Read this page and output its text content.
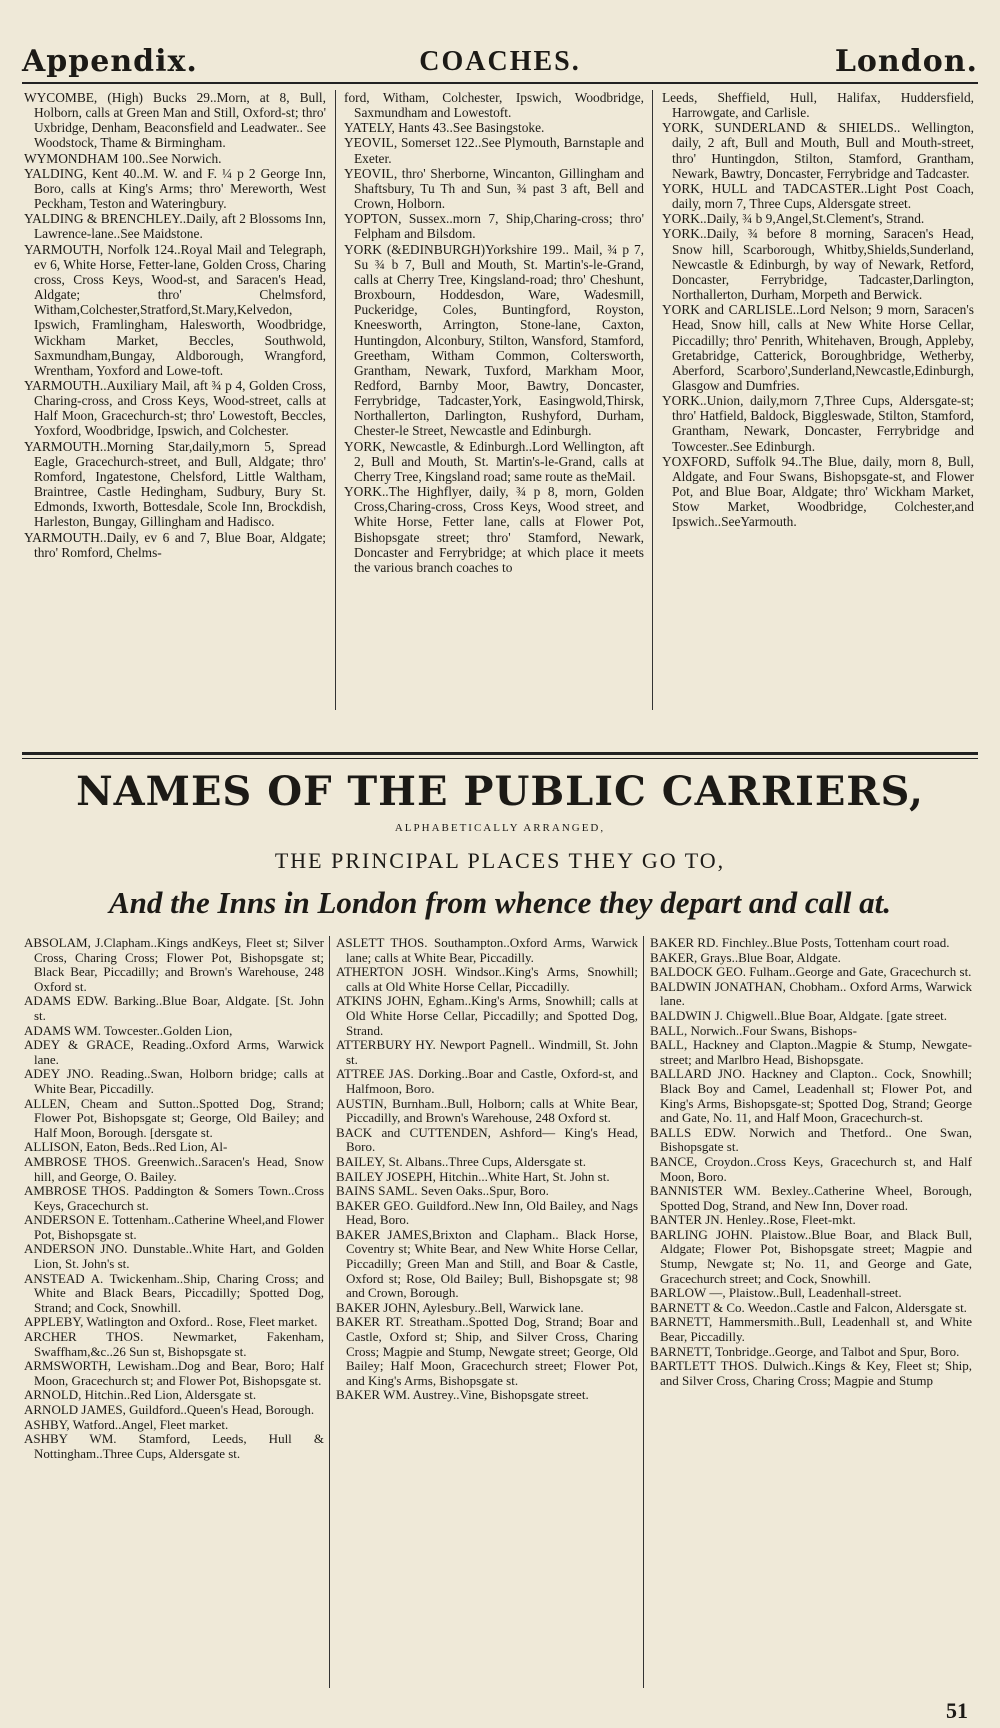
Appendix.	COACHES.	London.

WYCOMBE, (High) Bucks 29..Morn, at 8, Bull, Holborn, calls at Green Man and Still, Oxford-st; thro' Uxbridge, Denham, Beaconsfield and Leadwater.. See Woodstock, Thame & Birmingham.

WYMONDHAM 100..See Norwich.

YALDING, Kent 40..M. W. and F. ¼ p 2 George Inn, Boro, calls at King's Arms; thro' Mereworth, West Peckham, Teston and Wateringbury.

YALDING & BRENCHLEY..Daily, aft 2 Blossoms Inn, Lawrence-lane..See Maidstone.

YARMOUTH, Norfolk 124..Royal Mail and Telegraph, ev 6, White Horse, Fetter-lane, Golden Cross, Charing cross, Cross Keys, Wood-st, and Saracen's Head, Aldgate; thro' Chelmsford, Witham,Colchester,Stratford,St.Mary,Kelvedon, Ipswich, Framlingham, Halesworth, Woodbridge, Wickham Market, Beccles, Southwold, Saxmundham,Bungay, Aldborough, Wrangford, Wrentham, Yoxford and Lowe-toft.

YARMOUTH..Auxiliary Mail, aft ¾ p 4, Golden Cross, Charing-cross, and Cross Keys, Wood-street, calls at Half Moon, Gracechurch-st; thro' Lowestoft, Beccles, Yoxford, Woodbridge, Ipswich, and Colchester.

YARMOUTH..Morning Star,daily,morn 5, Spread Eagle, Gracechurch-street, and Bull, Aldgate; thro' Romford, Ingatestone, Chelsford, Little Waltham, Braintree, Castle Hedingham, Sudbury, Bury St. Edmonds, Ixworth, Bottesdale, Scole Inn, Brockdish, Harleston, Bungay, Gillingham and Hadisco.

YARMOUTH..Daily, ev 6 and 7, Blue Boar, Aldgate; thro' Romford, Chelms-

ford, Witham, Colchester, Ipswich, Woodbridge, Saxmundham and Lowestoft.

YATELY, Hants 43..See Basingstoke.

YEOVIL, Somerset 122..See Plymouth, Barnstaple and Exeter.

YEOVIL, thro' Sherborne, Wincanton, Gillingham and Shaftsbury, Tu Th and Sun, ¾ past 3 aft, Bell and Crown, Holborn.

YOPTON, Sussex..morn 7, Ship,Charing-cross; thro' Felpham and Bilsdom.

YORK (&EDINBURGH)Yorkshire 199.. Mail, ¾ p 7, Su ¾ b 7, Bull and Mouth, St. Martin's-le-Grand, calls at Cherry Tree, Kingsland-road; thro' Cheshunt, Broxbourn, Hoddesdon, Ware, Wadesmill, Puckeridge, Coles, Buntingford, Royston, Kneesworth, Arrington, Stone-lane, Caxton, Huntingdon, Alconbury, Stilton, Wansford, Stamford, Greetham, Witham Common, Coltersworth, Grantham, Newark, Tuxford, Markham Moor, Redford, Barnby Moor, Bawtry, Doncaster, Ferrybridge, Tadcaster,York, Easingwold,Thirsk, Northallerton, Darlington, Rushyford, Durham, Chester-le Street, Newcastle and Edinburgh.

YORK, Newcastle, & Edinburgh..Lord Wellington, aft 2, Bull and Mouth, St. Martin's-le-Grand, calls at Cherry Tree, Kingsland road; same route as theMail.

YORK..The Highflyer, daily, ¾ p 8, morn, Golden Cross,Charing-cross, Cross Keys, Wood street, and White Horse, Fetter lane, calls at Flower Pot, Bishopsgate street; thro' Stamford, Newark, Doncaster and Ferrybridge; at which place it meets the various branch coaches to

Leeds, Sheffield, Hull, Halifax, Huddersfield, Harrowgate, and Carlisle.

YORK, SUNDERLAND & SHIELDS.. Wellington, daily, 2 aft, Bull and Mouth, Bull and Mouth-street, thro' Huntingdon, Stilton, Stamford, Grantham, Newark, Bawtry, Doncaster, Ferrybridge and Tadcaster.

YORK, HULL and TADCASTER..Light Post Coach, daily, morn 7, Three Cups, Aldersgate street.

YORK..Daily, ¾ b 9,Angel,St.Clement's, Strand.

YORK..Daily, ¾ before 8 morning, Saracen's Head, Snow hill, Scarborough, Whitby,Shields,Sunderland, Newcastle & Edinburgh, by way of Newark, Retford, Doncaster, Ferrybridge, Tadcaster,Darlington, Northallerton, Durham, Morpeth and Berwick.

YORK and CARLISLE..Lord Nelson; 9 morn, Saracen's Head, Snow hill, calls at New White Horse Cellar, Piccadilly; thro' Penrith, Whitehaven, Brough, Appleby, Gretabridge, Catterick, Boroughbridge, Wetherby, Aberford, Scarboro',Sunderland,Newcastle,Edinburgh, Glasgow and Dumfries.

YORK..Union, daily,morn 7,Three Cups, Aldersgate-st; thro' Hatfield, Baldock, Biggleswade, Stilton, Stamford, Grantham, Newark, Doncaster, Ferrybridge and Towcester..See Edinburgh.

YOXFORD, Suffolk 94..The Blue, daily, morn 8, Bull, Aldgate, and Four Swans, Bishopsgate-st, and Flower Pot, and Blue Boar, Aldgate; thro' Wickham Market, Stow Market, Woodbridge, Colchester,and Ipswich..SeeYarmouth.

NAMES OF THE PUBLIC CARRIERS,
ALPHABETICALLY ARRANGED,
THE PRINCIPAL PLACES THEY GO TO,
And the Inns in London from whence they depart and call at.

ABSOLAM, J.Clapham..Kings andKeys, Fleet st; Silver Cross, Charing Cross; Flower Pot, Bishopsgate st; Black Bear, Piccadilly; and Brown's Warehouse, 248 Oxford st.

ADAMS EDW. Barking..Blue Boar, Aldgate. [St. John st.

ADAMS WM. Towcester..Golden Lion,

ADEY & GRACE, Reading..Oxford Arms, Warwick lane.

ADEY JNO. Reading..Swan, Holborn bridge; calls at White Bear, Piccadilly.

ALLEN, Cheam and Sutton..Spotted Dog, Strand; Flower Pot, Bishopsgate st; George, Old Bailey; and Half Moon, Borough. [dersgate st.

ALLISON, Eaton, Beds..Red Lion, Al-

AMBROSE THOS. Greenwich..Saracen's Head, Snow hill, and George, O. Bailey.

AMBROSE THOS. Paddington & Somers Town..Cross Keys, Gracechurch st.

ANDERSON E. Tottenham..Catherine Wheel,and Flower Pot, Bishopsgate st.

ANDERSON JNO. Dunstable..White Hart, and Golden Lion, St. John's st.

ANSTEAD A. Twickenham..Ship, Charing Cross; and White and Black Bears, Piccadilly; Spotted Dog, Strand; and Cock, Snowhill.

APPLEBY, Watlington and Oxford.. Rose, Fleet market.

ARCHER THOS. Newmarket, Fakenham, Swaffham,&c..26 Sun st, Bishopsgate st.

ARMSWORTH, Lewisham..Dog and Bear, Boro; Half Moon, Gracechurch st; and Flower Pot, Bishopsgate st.

ARNOLD, Hitchin..Red Lion, Aldersgate st.

ARNOLD JAMES, Guildford..Queen's Head, Borough.

ASHBY, Watford..Angel, Fleet market.

ASHBY WM. Stamford, Leeds, Hull & Nottingham..Three Cups, Aldersgate st.

ASLETT THOS. Southampton..Oxford Arms, Warwick lane; calls at White Bear, Piccadilly.

ATHERTON JOSH. Windsor..King's Arms, Snowhill; calls at Old White Horse Cellar, Piccadilly.

ATKINS JOHN, Egham..King's Arms, Snowhill; calls at Old White Horse Cellar, Piccadilly; and Spotted Dog, Strand.

ATTERBURY HY. Newport Pagnell.. Windmill, St. John st.

ATTREE JAS. Dorking..Boar and Castle, Oxford-st, and Halfmoon, Boro.

AUSTIN, Burnham..Bull, Holborn; calls at White Bear, Piccadilly, and Brown's Warehouse, 248 Oxford st.

BACK and CUTTENDEN, Ashford— King's Head, Boro.

BAILEY, St. Albans..Three Cups, Aldersgate st.

BAILEY JOSEPH, Hitchin...White Hart, St. John st.

BAINS SAML. Seven Oaks..Spur, Boro.

BAKER GEO. Guildford..New Inn, Old Bailey, and Nags Head, Boro.

BAKER JAMES,Brixton and Clapham.. Black Horse, Coventry st; White Bear, and New White Horse Cellar, Piccadilly; Green Man and Still, and Boar & Castle, Oxford st; Rose, Old Bailey; Bull, Bishopsgate st; 98 and Crown, Borough.

BAKER JOHN, Aylesbury..Bell, Warwick lane.

BAKER RT. Streatham..Spotted Dog, Strand; Boar and Castle, Oxford st; Ship, and Silver Cross, Charing Cross; Magpie and Stump, Newgate street; George, Old Bailey; Half Moon, Gracechurch street; Flower Pot, and King's Arms, Bishopsgate st.

BAKER WM. Austrey..Vine, Bishopsgate street.

BAKER RD. Finchley..Blue Posts, Tottenham court road.

BAKER, Grays..Blue Boar, Aldgate.

BALDOCK GEO. Fulham..George and Gate, Gracechurch st.

BALDWIN JONATHAN, Chobham.. Oxford Arms, Warwick lane.

BALDWIN J. Chigwell..Blue Boar, Aldgate. [gate street.

BALL, Norwich..Four Swans, Bishops-

BALL, Hackney and Clapton..Magpie & Stump, Newgate-street; and Marlbro Head, Bishopsgate.

BALLARD JNO. Hackney and Clapton.. Cock, Snowhill; Black Boy and Camel, Leadenhall st; Flower Pot, and King's Arms, Bishopsgate-st; Spotted Dog, Strand; George and Gate, No. 11, and Half Moon, Gracechurch-st.

BALLS EDW. Norwich and Thetford.. One Swan, Bishopsgate st.

BANCE, Croydon..Cross Keys, Gracechurch st, and Half Moon, Boro.

BANNISTER WM. Bexley..Catherine Wheel, Borough, Spotted Dog, Strand, and New Inn, Dover road.

BANTER JN. Henley..Rose, Fleet-mkt.

BARLING JOHN. Plaistow..Blue Boar, and Black Bull, Aldgate; Flower Pot, Bishopsgate street; Magpie and Stump, Newgate st; No. 11, and George and Gate, Gracechurch street; and Cock, Snowhill.

BARLOW —, Plaistow..Bull, Leadenhall-street.

BARNETT & Co. Weedon..Castle and Falcon, Aldersgate st.

BARNETT, Hammersmith..Bull, Leadenhall st, and White Bear, Piccadilly.

BARNETT, Tonbridge..George, and Talbot and Spur, Boro.

BARTLETT THOS. Dulwich..Kings & Key, Fleet st; Ship, and Silver Cross, Charing Cross; Magpie and Stump

51
